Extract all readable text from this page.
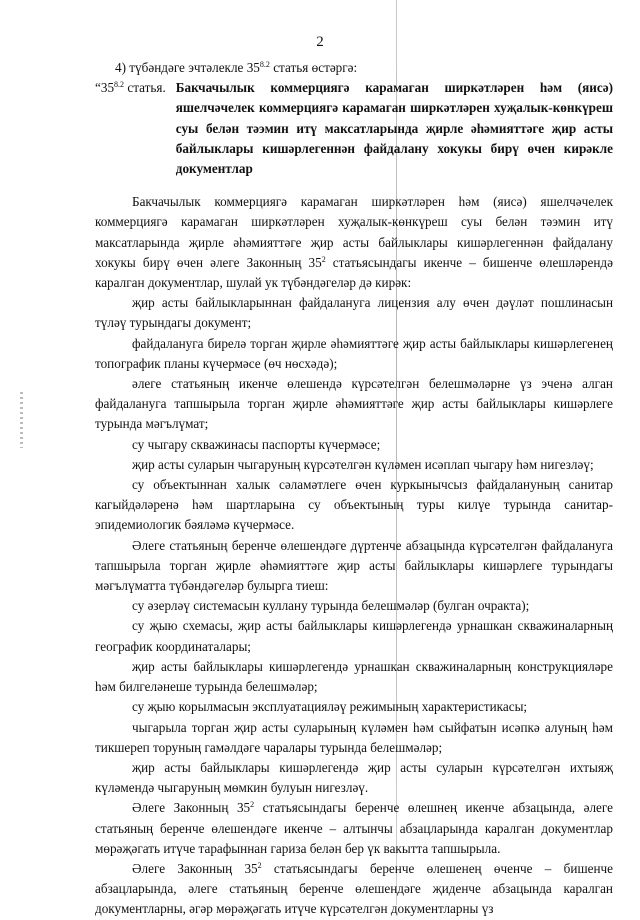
2

4) түбәндәге эчтәлекле $35^{8.2}$ статья өстәргә:

“$35^{8.2}$ статья. Бакчачылык коммерциягә карамаган ширкәтләрен һәм (яисә) яшелчәчелек коммерциягә карамаган ширкәтләрен хуҗалык-көнкүреш суы белән тәэмин итү максатларында җирле әһәмияттәге җир асты байлыклары кишәрлегеннән файдалану хокукы бирү өчен кирәкле документлар

Бакчачылык коммерциягә карамаган ширкәтләрен һәм (яисә) яшелчәчелек коммерциягә карамаган ширкәтләрен хуҗалык-көнкүреш суы белән тәэмин итү максатларында җирле әһәмияттәге җир асты байлыклары кишәрлегеннән файдалану хокукы бирү өчен әлеге Законның $35^2$ статьясындагы икенче – бишенче өлешләрендә каралган документлар, шулай ук түбәндәгеләр дә кирәк:

җир асты байлыкларыннан файдалануга лицензия алу өчен дәүләт пошлинасын түләү турындагы документ;

файдалануга бирелә торган җирле әһәмияттәге җир асты байлыклары кишәрлегенең топографик планы күчермәсе (өч нөсхәдә);

әлеге статьяның икенче өлешендә күрсәтелгән белешмәләрне үз эченә алган файдалануга тапшырыла торган җирле әһәмияттәге җир асты байлыклары кишәрлеге турында мәгълүмат;

су чыгару скважинасы паспорты күчермәсе;

җир асты суларын чыгаруның күрсәтелгән күләмен исәплап чыгару һәм нигезләү;

су объектыннан халык сәламәтлеге өчен куркынычсыз файдалануның санитар кагыйдәләренә һәм шартларына су объектының туры килүе турында санитар-эпидемиологик бәяләмә күчермәсе.

Әлеге статьяның беренче өлешендәге дүртенче абзацында күрсәтелгән файдалануга тапшырыла торган җирле әһәмияттәге җир асты байлыклары кишәрлеге турындагы мәгълүматта түбәндәгеләр булырга тиеш:

су әзерләү системасын куллану турында белешмәләр (булган очракта);

су җыю схемасы, җир асты байлыклары кишәрлегендә урнашкан скважиналарның географик координаталары;

җир асты байлыклары кишәрлегендә урнашкан скважиналарның конструкцияләре һәм билгеләнеше турында белешмәләр;

су җыю корылмасын эксплуатацияләү режимының характеристикасы;

чыгарыла торган җир асты суларының күләмен һәм сыйфатын исәпкә алуның һәм тикшереп торуның гамәлдәге чаралары турында белешмәләр;

җир асты байлыклары кишәрлегендә җир асты суларын күрсәтелгән ихтыяҗ күләмендә чыгаруның мөмкин булуын нигезләү.

Әлеге Законның $35^2$ статьясындагы беренче өлешнең икенче абзацында, әлеге статьяның беренче өлешендәге икенче – алтынчы абзацларында каралган документлар мөрәҗәгать итүче тарафыннан гариза белән бер үк вакытта тапшырыла.

Әлеге Законның $35^2$ статьясындагы беренче өлешенең өченче – бишенче абзацларында, әлеге статьяның беренче өлешендәге җиденче абзацында каралган документларны, әгәр мөрәҗәгать итүче күрсәтелгән документларны үз
